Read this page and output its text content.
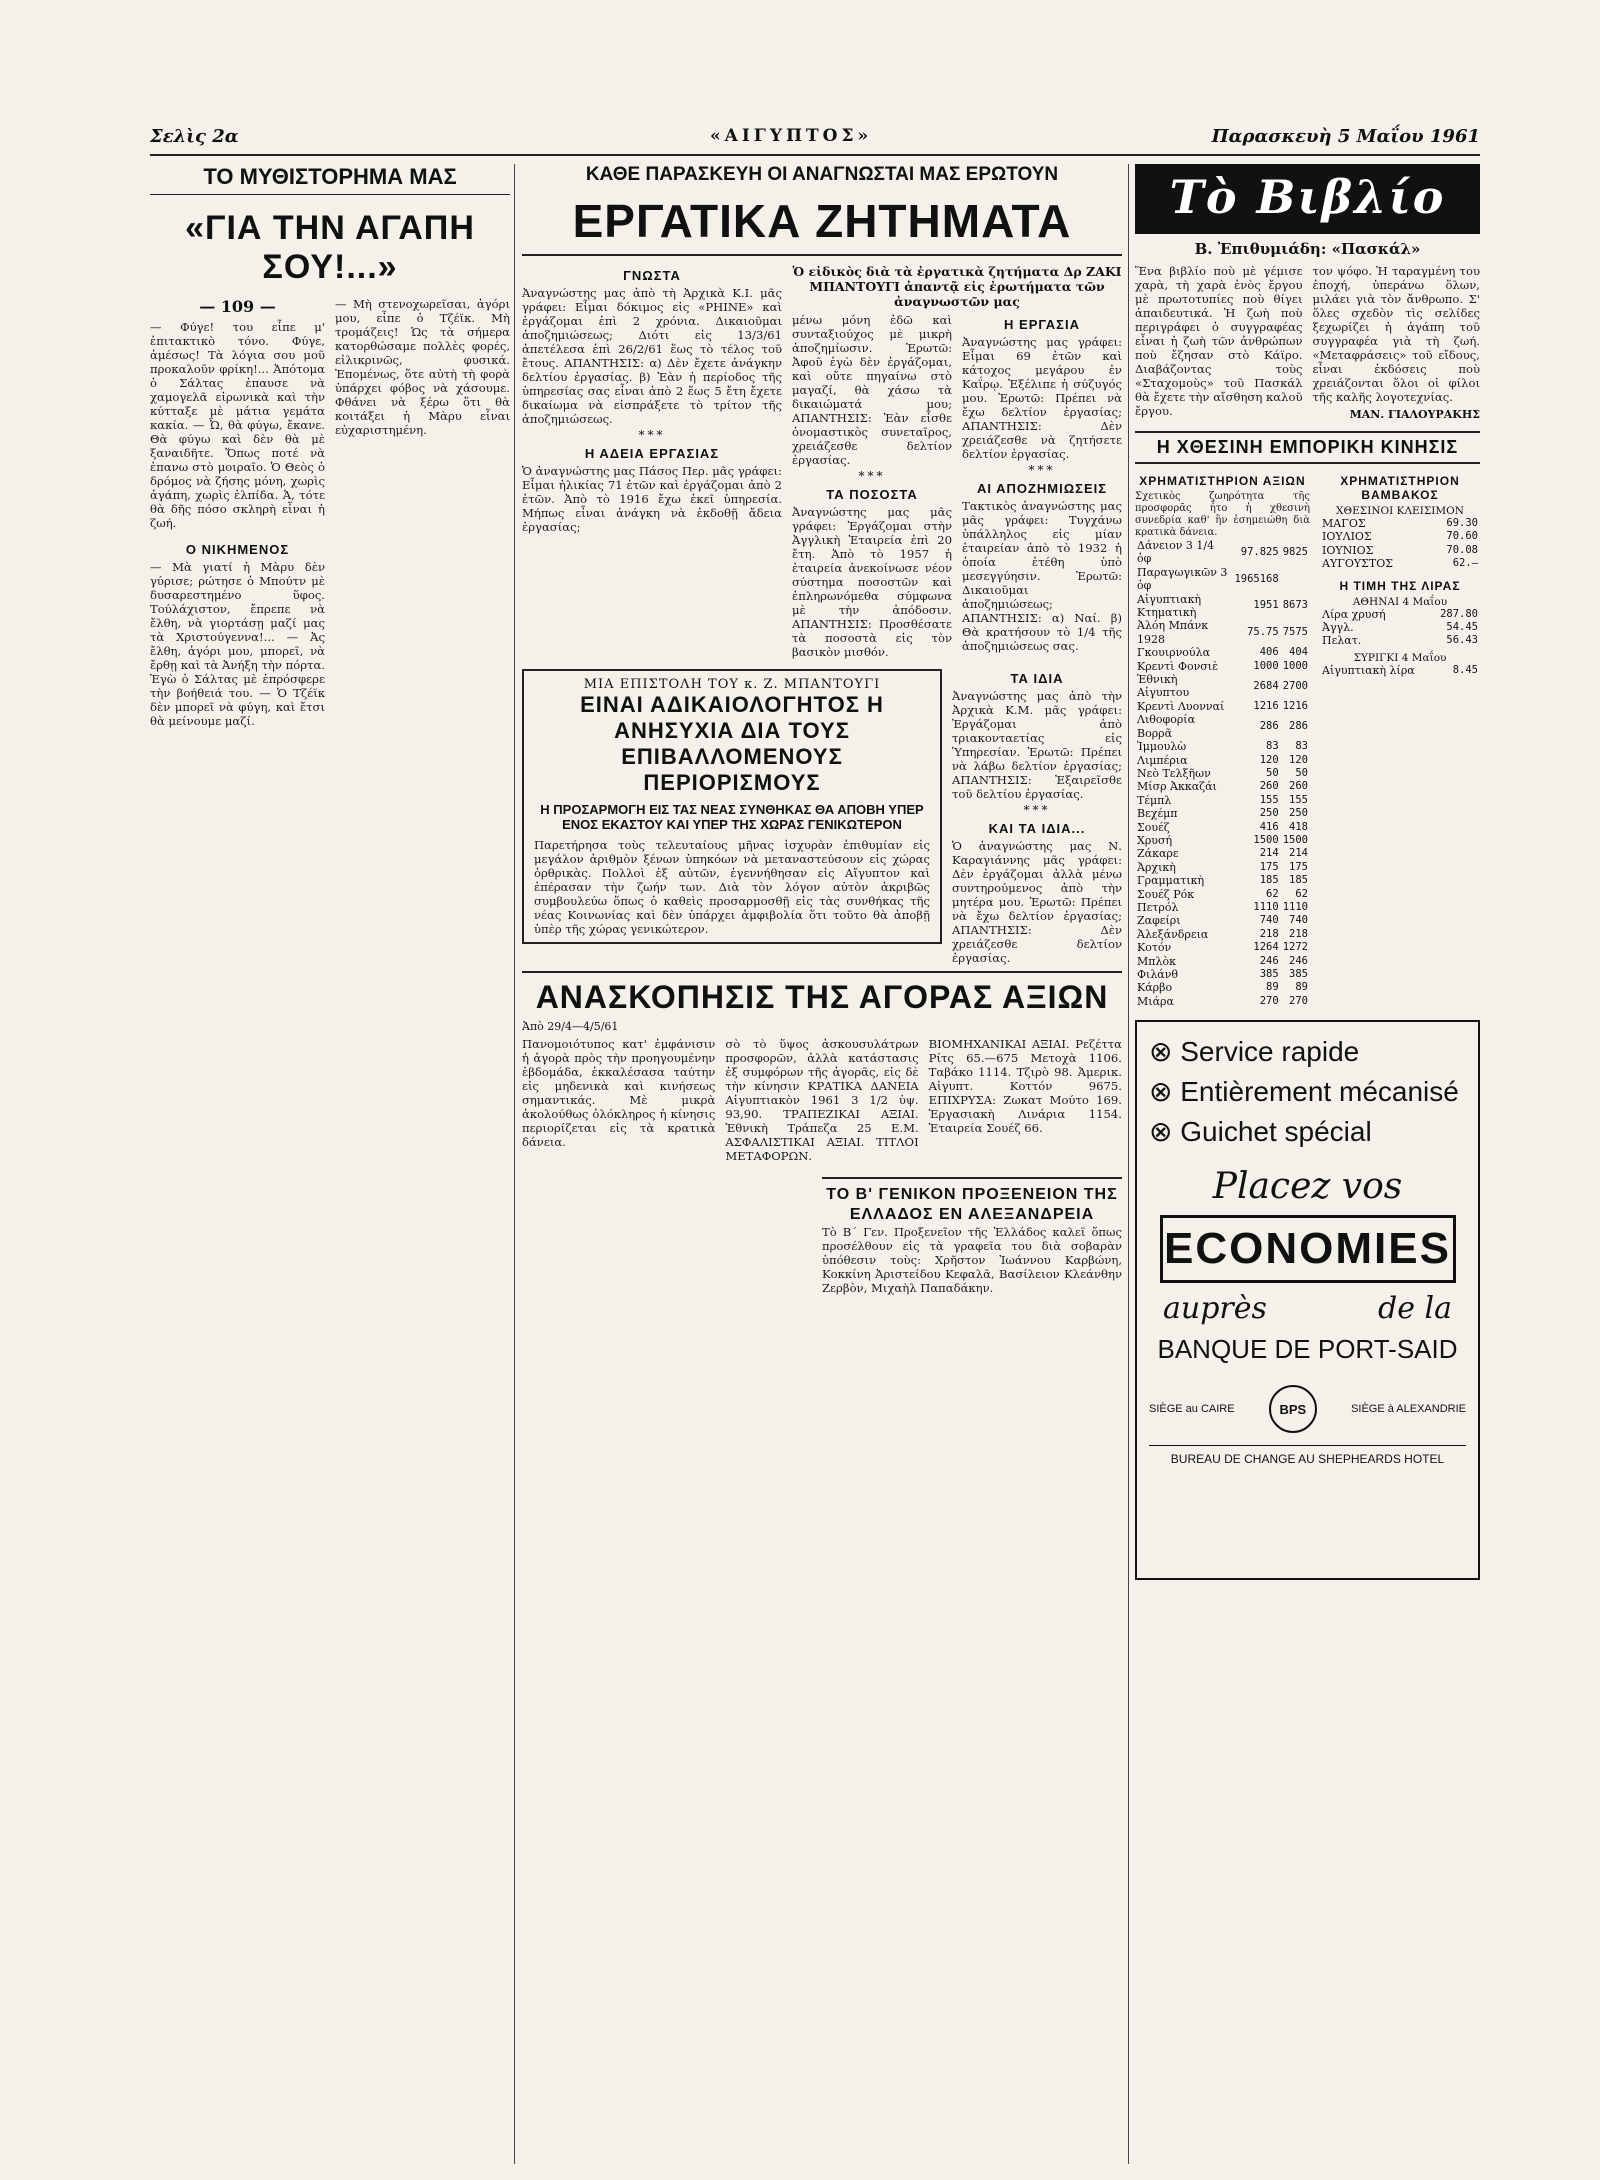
Σελὶς 2α	«ΑΙΓΥΠΤΟΣ»	Παρασκευὴ 5 Μαΐου 1961
ΤΟ ΜΥΘΙΣΤΟΡΗΜΑ ΜΑΣ
«ΓΙΑ ΤΗΝ ΑΓΑΠΗ ΣΟΥ!...»
— 109 —
— Φύγε! του εἶπε μ' ἐπιτακτικὸ τόνο. Φύγε, ἀμέσως! Τὰ λόγια σου μοῦ προκαλοῦν φρίκη!... Ἀπότομα ὁ Σάλτας ἐπαυσε νὰ χαμογελᾶ εἰρωνικὰ καὶ τὴν κύτταξε μὲ μάτια γεμάτα κακία. — Ὦ, θὰ φύγω, ἔκανε. Θὰ φύγω καὶ δὲν θὰ μὲ ξαναιδῆτε. Ὅπως ποτέ νὰ ἐπανω στὸ μοιραῖο. Ὁ Θεὸς ὁ δρόμος νὰ ζήσης μόνη, χωρὶς ἀγάπη, χωρὶς ἐλπίδα. Ἀ, τότε θὰ δῆς πόσο σκληρὴ εἶναι ἡ ζωή.
Ο ΝΙΚΗΜΕΝΟΣ
— Μὰ γιατί ἡ Μὰρυ δὲν γύρισε; ρώτησε ὁ Μπούτν μὲ δυσαρεστημένο ὕφος. Τούλάχιστον, ἔπρεπε νὰ ἔλθη, νὰ γιορτάσῃ μαζί μας τὰ Χριστούγεννα!... — Ἀς ἔλθη, ἀγόρι μου, μπορεῖ, νὰ ἔρθῃ καὶ τὰ Ἀνήξη τὴν πόρτα. Ἐγὼ ὁ Σάλτας μὲ ἐπρόσφερε τὴν βοήθειά του. — Ὁ Τζέϊκ δὲν μπορεῖ νὰ φύγη, καὶ ἔτσι θὰ μείνουμε μαζί.
— Μὴ στενοχωρεῖσαι, ἀγόρι μου, εἶπε ὁ Τζέϊκ. Μὴ τρομάζεις! Ὡς τὰ σήμερα κατορθώσαμε πολλὲς φορές, εἰλικρινῶς, φυσικά. Ἐπομένως, ὅτε αὐτὴ τὴ φορὰ ὑπάρχει φόβος νὰ χάσουμε. Φθάνει νὰ ξέρω ὅτι θὰ κοιτάξει ἡ Μὰρυ εἶναι εὐχαριστημένη.
ΚΑΘΕ ΠΑΡΑΣΚΕΥΗ ΟΙ ΑΝΑΓΝΩΣΤΑΙ ΜΑΣ ΕΡΩΤΟΥΝ
ΕΡΓΑΤΙΚΑ ΖΗΤΗΜΑΤΑ
ΓΝΩΣΤΑ
Ἀναγνώστης μας ἀπὸ τὴ Ἀρχικὰ Κ.Ι. μᾶς γράφει: Εἶμαι δόκιμος εἰς «ΡΗΙΝΕ» καὶ ἐργάζομαι ἐπὶ 2 χρόνια. Δικαιοῦμαι ἀποζημιώσεως; Διότι εἰς 13/3/61 ἀπετέλεσα ἐπὶ 26/2/61 ἕως τὸ τέλος τοῦ ἔτους. ΑΠΑΝΤΗΣΙΣ: α) Δὲν ἔχετε ἀνάγκην δελτίου ἐργασίας. β) Ἐὰν ἡ περίοδος τῆς ὑπηρεσίας σας εἶναι ἀπὸ 2 ἕως 5 ἔτη ἔχετε δικαίωμα νὰ εἰσπράξετε τὸ τρίτον τῆς ἀποζημιώσεως.
***
Η ΑΔΕΙΑ ΕΡΓΑΣΙΑΣ
Ὁ ἀναγνώστης μας Πάσος Περ. μᾶς γράφει: Εἶμαι ἡλικίας 71 ἐτῶν καὶ ἐργάζομαι ἀπὸ 2 ἐτῶν. Ἀπὸ τὸ 1916 ἔχω ἐκεῖ ὑπηρεσία. Μήπως εἶναι ἀνάγκη νὰ ἐκδοθῇ ἄδεια ἐργασίας;
Ὁ εἰδικὸς διὰ τὰ ἐργατικὰ ζητήματα Δρ ΖΑΚΙ ΜΠΑΝΤΟΥΓΙ ἀπαντᾷ εἰς ἐρωτήματα τῶν ἀναγνωστῶν μας
μένω μόνη ἐδῶ καὶ συνταξιούχος μὲ μικρὴ ἀποζημίωσιν. Ἐρωτῶ: Ἀφοῦ ἐγὼ δὲν ἐργάζομαι, καὶ οὔτε πηγαίνω στὸ μαγαζί, θὰ χάσω τὰ δικαιώματά μου; ΑΠΑΝΤΗΣΙΣ: Ἐὰν εἶσθε ὀνομαστικὸς συνεταῖρος, χρειάζεσθε δελτίον ἐργασίας.
***
ΤΑ ΠΟΣΟΣΤΑ
Ἀναγνώστης μας μᾶς γράφει: Ἐργάζομαι στὴν Ἀγγλικὴ Ἑταιρεία ἐπὶ 20 ἔτη. Ἀπὸ τὸ 1957 ἡ ἐταιρεία ἀνεκοίνωσε νέον σύστημα ποσοστῶν καὶ ἐπληρωνόμεθα σύμφωνα μὲ τὴν ἀπόδοσιν. ΑΠΑΝΤΗΣΙΣ: Προσθέσατε τὰ ποσοστὰ εἰς τὸν βασικὸν μισθόν.
Η ΕΡΓΑΣΙΑ
Ἀναγνώστης μας γράφει: Εἶμαι 69 ἐτῶν καὶ κάτοχος μεγάρου ἐν Καΐρῳ. Ἐξέλιπε ἡ σύζυγός μου. Ἐρωτῶ: Πρέπει νὰ ἔχω δελτίον ἐργασίας; ΑΠΑΝΤΗΣΙΣ: Δὲν χρειάζεσθε νὰ ζητήσετε δελτίον ἐργασίας.
***
ΑΙ ΑΠΟΖΗΜΙΩΣΕΙΣ
Τακτικὸς ἀναγνώστης μας μᾶς γράφει: Τυγχάνω ὑπάλληλος εἰς μίαν ἑταιρείαν ἀπὸ τὸ 1932 ἡ ὁποία ἐτέθη ὑπὸ μεσεγγύησιν. Ἐρωτῶ: Δικαιοῦμαι ἀποζημιώσεως; ΑΠΑΝΤΗΣΙΣ: α) Ναί. β) Θὰ κρατήσουν τὸ 1/4 τῆς ἀποζημιώσεως σας.
ΜΙΑ ΕΠΙΣΤΟΛΗ ΤΟΥ κ. Ζ. ΜΠΑΝΤΟΥΓΙ
ΕΙΝΑΙ ΑΔΙΚΑΙΟΛΟΓΗΤΟΣ Η ΑΝΗΣΥΧΙΑ ΔΙΑ ΤΟΥΣ ΕΠΙΒΑΛΛΟΜΕΝΟΥΣ ΠΕΡΙΟΡΙΣΜΟΥΣ
Η ΠΡΟΣΑΡΜΟΓΗ ΕΙΣ ΤΑΣ ΝΕΑΣ ΣΥΝΘΗΚΑΣ ΘΑ ΑΠΟΒΗ ΥΠΕΡ ΕΝΟΣ ΕΚΑΣΤΟΥ ΚΑΙ ΥΠΕΡ ΤΗΣ ΧΩΡΑΣ ΓΕΝΙΚΩΤΕΡΟΝ
Παρετήρησα τοὺς τελευταίους μῆνας ἰσχυρὰν ἐπιθυμίαν εἰς μεγάλον ἀριθμὸν ξένων ὑπηκόων νὰ μεταναστεύσουν εἰς χώρας ὀρθρικὰς. Πολλοὶ ἐξ αὐτῶν, ἐγεννήθησαν εἰς Αἴγυπτον καὶ ἐπέρασαν τὴν ζωήν των. Διὰ τὸν λόγον αὐτὸν ἀκριβῶς συμβουλεύω ὅπως ὁ καθεὶς προσαρμοσθῇ εἰς τὰς συνθήκας τῆς νέας Κοινωνίας καὶ δὲν ὑπάρχει ἀμφιβολία ὅτι τοῦτο θὰ ἀποβῇ ὑπὲρ τῆς χώρας γενικώτερον.
ΤΑ ΙΔΙΑ
Ἀναγνώστης μας ἀπὸ τὴν Ἀρχικὰ Κ.Μ. μᾶς γράφει: Ἐργάζομαι ἀπὸ τριακονταετίας εἰς Ὑπηρεσίαν. Ἐρωτῶ: Πρέπει νὰ λάβω δελτίον ἐργασίας; ΑΠΑΝΤΗΣΙΣ: Ἐξαιρεῖσθε τοῦ δελτίου ἐργασίας.
***
ΚΑΙ ΤΑ ΙΔΙΑ...
Ὁ ἀναγνώστης μας Ν. Καραγιάννης μᾶς γράφει: Δὲν ἐργάζομαι ἀλλὰ μένω συντηρούμενος ἀπὸ τὴν μητέρα μου. Ἐρωτῶ: Πρέπει νὰ ἔχω δελτίον ἐργασίας; ΑΠΑΝΤΗΣΙΣ: Δὲν χρειάζεσθε δελτίον ἐργασίας.
ΑΝΑΣΚΟΠΗΣΙΣ ΤΗΣ ΑΓΟΡΑΣ ΑΞΙΩΝ
Ἀπὸ 29/4—4/5/61
Πανομοιότυπος κατ' ἐμφάνισιν ἡ ἀγορὰ πρὸς τὴν προηγουμένην ἑβδομάδα, ἐκκαλέσασα ταύτην εἰς μηδενικὰ καὶ κινήσεως σημαντικάς. Μὲ μικρὰ ἀκολούθως ὁλόκληρος ἡ κίνησις περιορίζεται εἰς τὰ κρατικὰ δάνεια.
σὸ τὸ ὕψος ἀσκουσυλάτρων προσφορῶν, ἀλλὰ κατάστασις ἐξ συμφόρων τῆς ἀγορᾶς, εἰς δὲ τὴν κίνησιν ΚΡΑΤΙΚΑ ΔΑΝΕΙΑ Αἰγυπτιακὸν 1961 3 1/2 ὑψ. 93,90. ΤΡΑΠΕΖΙΚΑΙ ΑΞΙΑΙ. Ἐθνικὴ Τράπεζα 25 Ε.Μ. ΑΣΦΑΛΙΣΤΙΚΑΙ ΑΞΙΑΙ. ΤΙΤΛΟΙ ΜΕΤΑΦΟΡΩΝ.
ΒΙΟΜΗΧΑΝΙΚΑΙ ΑΞΙΑΙ. Ρεζέττα Ρίτς 65.—675 Μετοχὰ 1106. Ταβάκο 1114. Τζιρὸ 98. Ἀμερικ. Αἰγυπτ. Κοττόν 9675. ΕΠΙΧΡΥΣΑ: Ζωκατ Μούτο 169. Ἐργασιακὴ Λινάρια 1154. Ἑταιρεία Σουέζ 66.
ΤΟ Β' ΓΕΝΙΚΟΝ ΠΡΟΞΕΝΕΙΟΝ ΤΗΣ ΕΛΛΑΔΟΣ ΕΝ ΑΛΕΞΑΝΔΡΕΙΑ
Τὸ Β΄ Γεν. Προξενεῖον τῆς Ἑλλάδος καλεῖ ὅπως προσέλθουν εἰς τὰ γραφεῖα του διὰ σοβαρὰν ὑπόθεσιν τοὺς: Χρῆστον Ἰωάννου Καρβώνη, Κοκκίνη Ἀριστείδου Κεφαλᾶ, Βασίλειον Κλεάνθην Ζερβὸν, Μιχαὴλ Παπαδάκην.
Τὸ Βιβλίο
Β. Ἐπιθυμιάδη: «Πασκάλ»
Ἕνα βιβλίο ποὺ μὲ γέμισε χαρὰ, τὴ χαρὰ ἑνὸς ἔργου μὲ πρωτοτυπίες ποὺ θίγει ἀπαιδευτικά. Ἡ ζωὴ ποὺ περιγράφει ὁ συγγραφέας εἶναι ἡ ζωὴ τῶν ἀνθρώπων ποὺ ἔζησαν στὸ Κάϊρο. Διαβάζοντας τοὺς «Σταχομοὺς» τοῦ Πασκάλ θὰ ἔχετε τὴν αἴσθηση καλοῦ ἔργου.
τον ψόφο. Ἡ ταραγμένη του ἐποχή, ὑπεράνω ὅλων, μιλάει γιὰ τὸν ἄνθρωπο. Σ' ὅλες σχεδὸν τὶς σελίδες ξεχωρίζει ἡ ἀγάπη τοῦ συγγραφέα γιὰ τὴ ζωή. «Μεταφράσεις» τοῦ εἴδους, εἶναι ἐκδόσεις ποὺ χρειάζονται ὅλοι οἱ φίλοι τῆς καλῆς λογοτεχνίας.
ΜΑΝ. ΓΙΑΛΟΥΡΑΚΗΣ
Η ΧΘΕΣΙΝΗ ΕΜΠΟΡΙΚΗ ΚΙΝΗΣΙΣ
ΧΡΗΜΑΤΙΣΤΗΡΙΟΝ ΑΞΙΩΝ
Σχετικὸς ζωηρότητα τῆς προσφορᾶς ἦτο ἡ χθεσινὴ συνεδρία καθ' ἣν ἐσημειώθη διὰ κρατικὰ δάνεια.
Δάνειον 3 1/4 ὀφ	97.825	9825
Παραγωγικῶν 3 ὀφ	1965168	
Αἰγυπτιακὴ Κτηματικὴ	1951	8673
Ἀλόη Μπάνκ 1928	75.75	7575
Γκουιρνούλα	406	404
Κρεντὶ Φονσιὲ	1000	1000
Ἐθνικὴ Αἰγυπτου	2684	2700
Κρεντὶ Λυονναί	1216	1216
Λιθοφορία Βορρᾶ	286	286
Ἰμμουλὼ	83	83
Λιμπέρια	120	120
Νεὸ Τελξῆων	50	50
Μίσρ Ἀκκαζάι	260	260
Τέμπλ	155	155
Βεχέμπ	250	250
Σουέζ	416	418
Χρυσή	1500	1500
Ζάκαρε	214	214
Ἀρχικὴ	175	175
Γραμματικὴ	185	185
Σουέζ Ρόκ	62	62
Πετρόλ	1110	1110
Ζαφείρι	740	740
Ἀλεξάνδρεια	218	218
Κοτόν	1264	1272
Μπλὸκ	246	246
Φιλάνθ	385	385
Κάρβο	89	89
Μιάρα	270	270
ΧΡΗΜΑΤΙΣΤΗΡΙΟΝ ΒΑΜΒΑΚΟΣ
ΧΘΕΣΙΝΟΙ ΚΛΕΙΣΙΜΟΝ
ΜΑΓΟΣ	69.30
ΙΟΥΛΙΟΣ	70.60
ΙΟΥΝΙΟΣ	70.08
ΑΥΓΟΥΣΤΟΣ	62.—
Η ΤΙΜΗ ΤΗΣ ΛΙΡΑΣ
ΑΘΗΝΑΙ 4 Μαΐου
Λίρα χρυσή	287.80
Ἀγγλ.	54.45
Πελατ.	56.43
ΣΥΡΙΓΚΙ 4 Μαΐου
Αἰγυπτιακὴ λίρα	8.45
⊗ Service rapide
⊗ Entièrement mécanisé
⊗ Guichet spécial
Placez vos
ECONOMIES
auprès	de la
BANQUE DE PORT-SAID
SIÈGE au CAIRE	BPS	SIÈGE à ALEXANDRIE
BUREAU DE CHANGE AU SHEPHEARDS HOTEL
